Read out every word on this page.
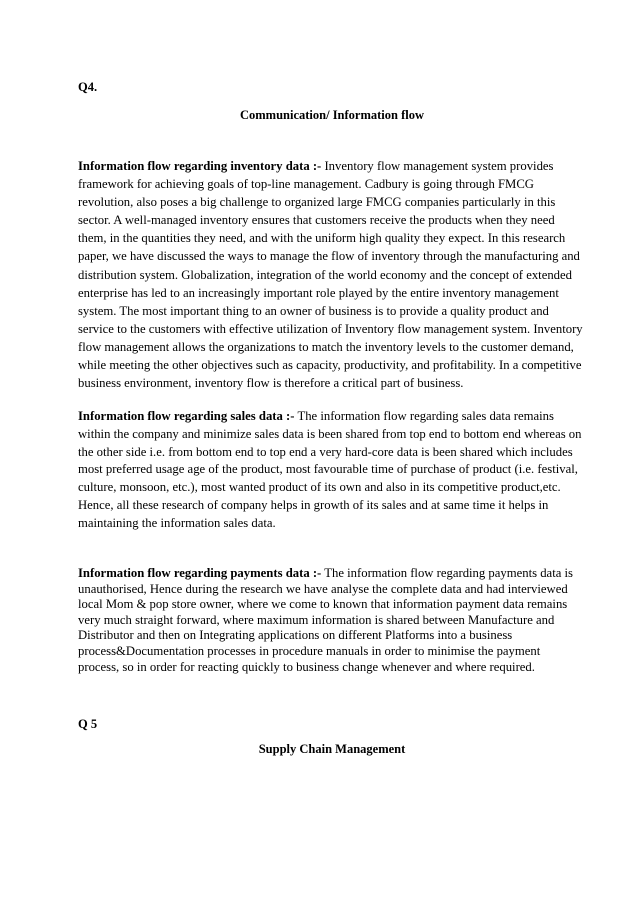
Q4.
Communication/ Information flow

Information flow regarding inventory data :- Inventory flow management system provides framework for achieving goals of top-line management. Cadbury is going through FMCG revolution, also poses a big challenge to organized large FMCG companies particularly in this sector. A well-managed inventory ensures that customers receive the products when they need them, in the quantities they need, and with the uniform high quality they expect. In this research paper, we have discussed the ways to manage the flow of inventory through the manufacturing and distribution system. Globalization, integration of the world economy and the concept of extended enterprise has led to an increasingly important role played by the entire inventory management system. The most important thing to an owner of business is to provide a quality product and service to the customers with effective utilization of Inventory flow management system. Inventory flow management allows the organizations to match the inventory levels to the customer demand, while meeting the other objectives such as capacity, productivity, and profitability. In a competitive business environment, inventory flow is therefore a critical part of business.

Information flow regarding sales data :- The information flow regarding sales data remains within the company and minimize sales data is been shared from top end to bottom end whereas on the other side i.e. from bottom end to top end a very hard-core data is been shared which includes most preferred usage age of the product, most favourable time of purchase of product (i.e. festival, culture, monsoon, etc.), most wanted product of its own and also in its competitive product,etc. Hence, all these research of company helps in growth of its sales and at same time it helps in maintaining the information sales data.

Information flow regarding payments data :- The information flow regarding payments data is unauthorised, Hence during the research we have analyse the complete data and had interviewed local Mom & pop store owner, where we come to known that information payment data remains very much straight forward, where maximum information is shared between Manufacture and Distributor and then on Integrating applications on different Platforms into a business process&Documentation processes in procedure manuals in order to minimise the payment process, so in order for reacting quickly to business change whenever and where required.

Q 5
Supply Chain Management
